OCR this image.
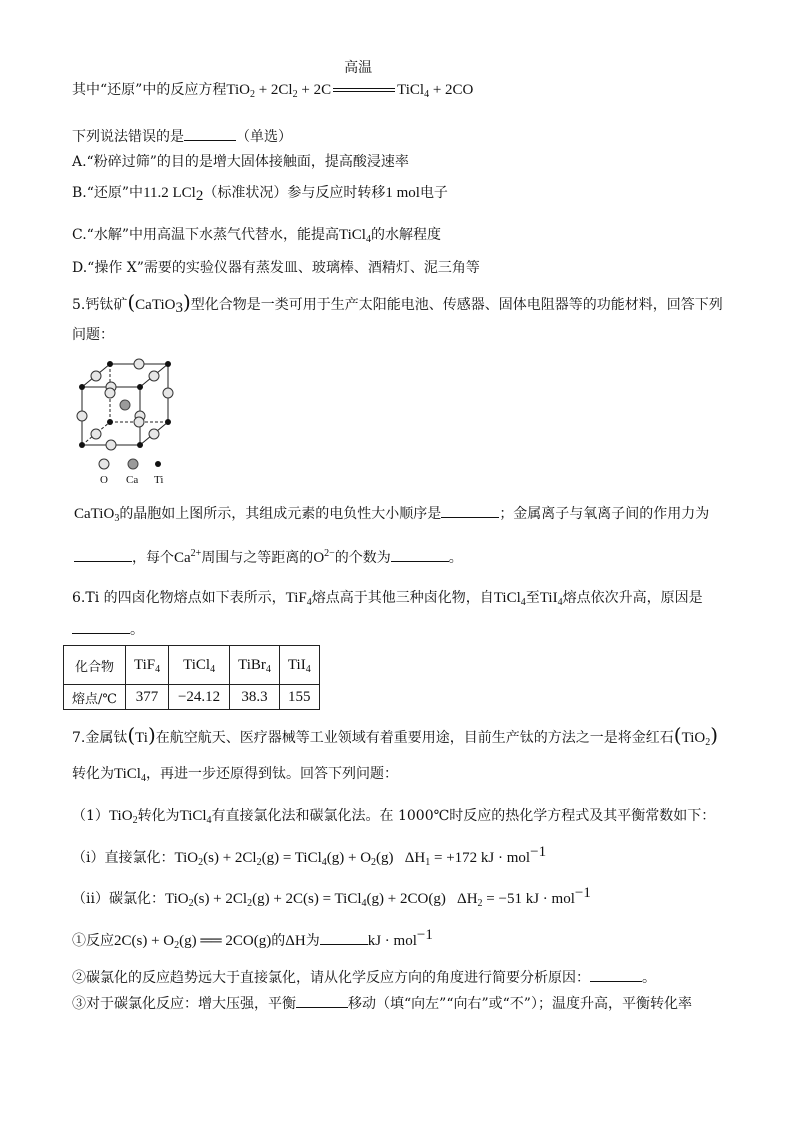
其中“还原”中的反应方程$TiO_2 + 2Cl_2 + 2C$
高温
TiCl$_4$ + 2CO
下列说法错误的是	（单选）
A.“粉碎过筛”的目的是增大固体接触面，提高酸浸速率
B.“还原”中11.2 LCl$_2$（标准状况）参与反应时转移1 mol电子
C.“水解”中用高温下水蒸气代替水，能提高TiCl$_4$的水解程度
D.“操作 X”需要的实验仪器有蒸发皿、玻璃棒、酒精灯、泥三角等
5.钙钛矿(CaTiO$_3$)型化合物是一类可用于生产太阳能电池、传感器、固体电阻器等的功能材料，回答下列
问题：
O Ca Ti
CaTiO$_3$的晶胞如上图所示，其组成元素的电负性大小顺序是	；金属离子与氧离子间的作用力为
，每个$Ca^{2+}$周围与之等距离的$O^{2-}$的个数为	。
6.Ti 的四卤化物熔点如下表所示，TiF$_4$熔点高于其他三种卤化物，自TiCl$_4$至TiI$_4$熔点依次升高，原因是
。
化合物	TiF$_4$	TiCl$_4$	TiBr$_4$	TiI$_4$
熔点/℃	377	−24.12	38.3	155
7.金属钛(Ti)在航空航天、医疗器械等工业领域有着重要用途，目前生产钛的方法之一是将金红石(TiO$_2$)
转化为TiCl$_4$，再进一步还原得到钛。回答下列问题：
（1）TiO$_2$转化为TiCl$_4$有直接氯化法和碳氯化法。在 1000℃时反应的热化学方程式及其平衡常数如下：
（i）直接氯化：$TiO_2(s) + 2Cl_2(g)$ = TiCl$_4$(g) + $O_2(g) \Delta H_1 = +172$ kJ · mol$^{-1}$
（ii）碳氯化：$TiO_2(s) + 2Cl_2(g) + 2C(s)$ = TiCl$_4$(g) + 2CO(g)   $\Delta H_2 = -51$ kJ · mol$^{-1}$
①反应$2C(s) + O_2(g)$ ══ 2CO(g)的ΔH为	kJ · mol$^{-1}$
②碳氯化的反应趋势远大于直接氯化，请从化学反应方向的角度进行简要分析原因：	。
③对于碳氯化反应：增大压强，平衡	移动（填“向左”“向右”或“不”）；温度升高，平衡转化率
